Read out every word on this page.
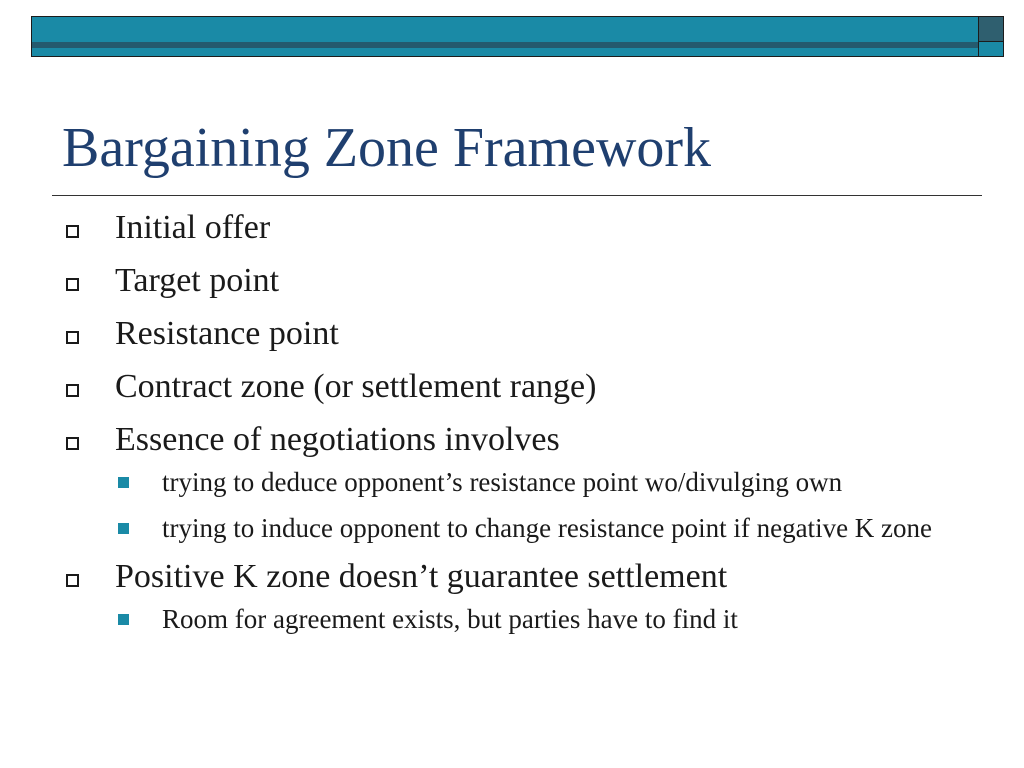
Bargaining Zone Framework
Initial offer
Target point
Resistance point
Contract zone (or settlement range)
Essence of negotiations involves
trying to deduce opponent’s resistance point wo/divulging own
trying to induce opponent to change resistance point if negative K zone
Positive K zone doesn’t guarantee settlement
Room for agreement exists, but parties have to find it
